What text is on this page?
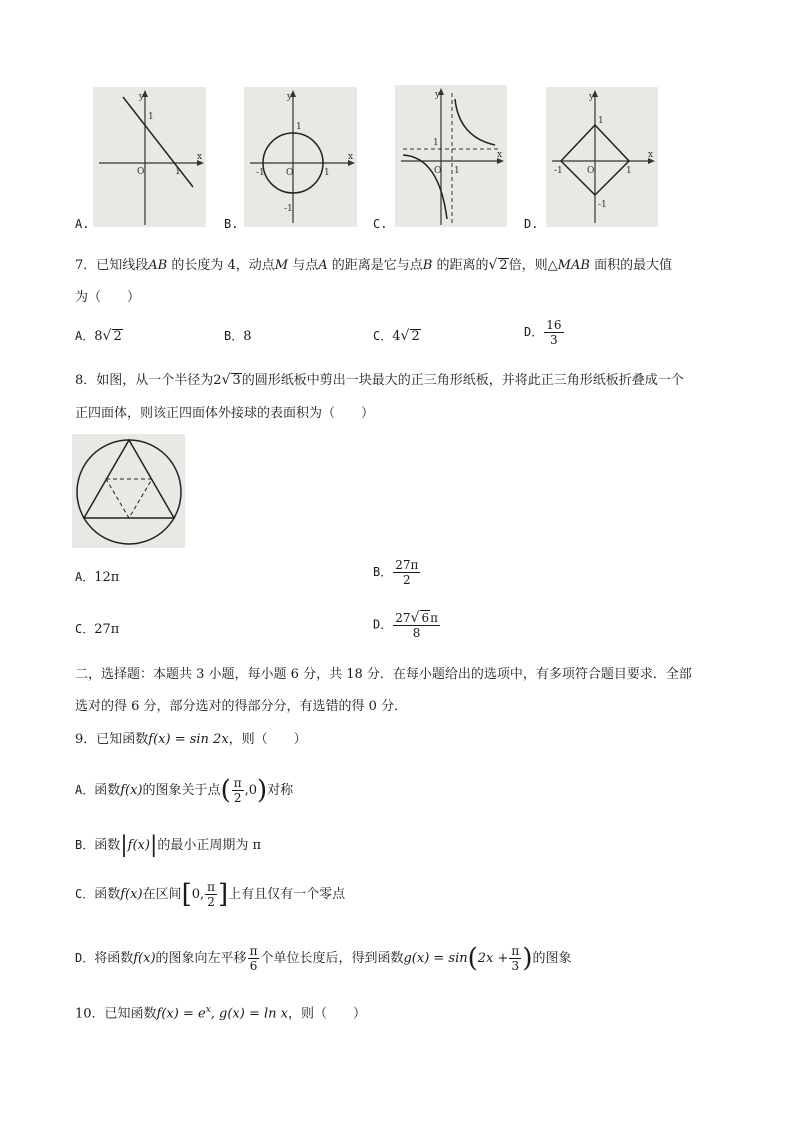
y
x
O	1
1
A.
y
x
O	1
-1
1
-1
B.
y
x
O 1
1
C.
y
x
O	1
-1
1
-1
D.
7．已知线段AB 的长度为 4，动点M 与点A 的距离是它与点B 的距离的√ 2倍，则△MAB 面积的最大值
为（　　）
A．8√ 2	B．8	C．4√ 2	D． $\frac{16}{3}$
8．如图，从一个半径为2√ 3的圆形纸板中剪出一块最大的正三角形纸板，并将此正三角形纸板折叠成一个
正四面体，则该正四面体外接球的表面积为（　　）
A．12π	B． $\frac{27\pi}{2}$
C．27π	D． $\frac{27√ 6\pi}{8}$
二，选择题：本题共 3 小题，每小题 6 分，共 18 分．在每小题给出的选项中，有多项符合题目要求．全部
选对的得 6 分，部分选对的得部分分，有选错的得 0 分．
9．已知函数f(x) = sin 2x，则（　　）
A．函数f(x)的图象关于点( $\frac{\pi}{2} ,0$)对称
B．函数|f(x)|的最小正周期为 π
C．函数f(x)在区间[0, $\frac{\pi}{2}$ ]上有且仅有一个零点
D．将函数f(x)的图象向左平移 $\frac{\pi}{6}$ 个单位长度后，得到函数$g(x) = \sin(2x + \frac{\pi}{3}$ )的图象
10．已知函数$f(x) = e^x$, g(x) = ln x，则（　　）
